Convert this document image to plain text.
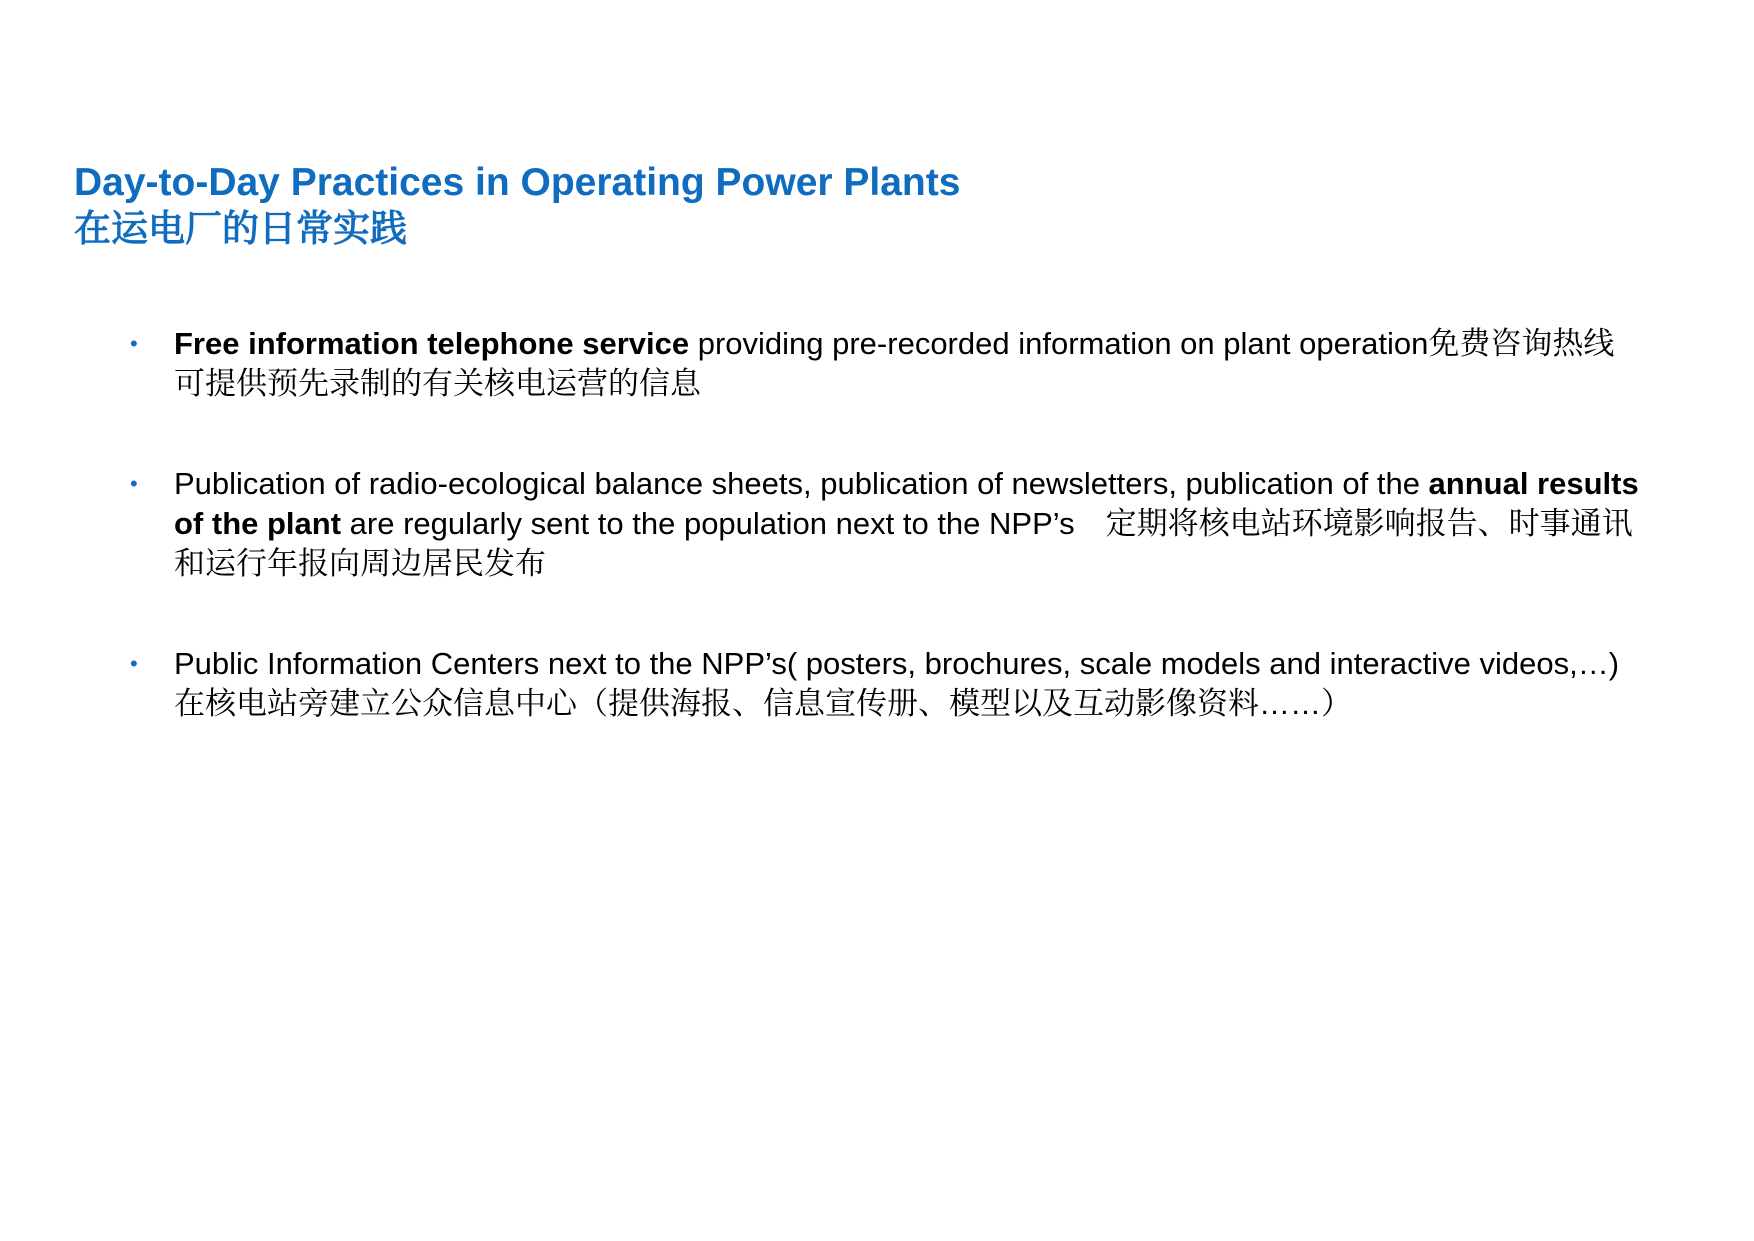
Day-to-Day Practices in Operating Power Plants
在运电厂的日常实践
• Free information telephone service providing pre-recorded information on plant operation免费咨询热线可提供预先录制的有关核电运营的信息
• Publication of radio-ecological balance sheets, publication of newsletters, publication of the annual results of the plant are regularly sent to the population next to the NPP’s　定期将核电站环境影响报告、时事通讯和运行年报向周边居民发布
• Public Information Centers next to the NPP’s( posters, brochures, scale models and interactive videos,…) 在核电站旁建立公众信息中心（提供海报、信息宣传册、模型以及互动影像资料……）
